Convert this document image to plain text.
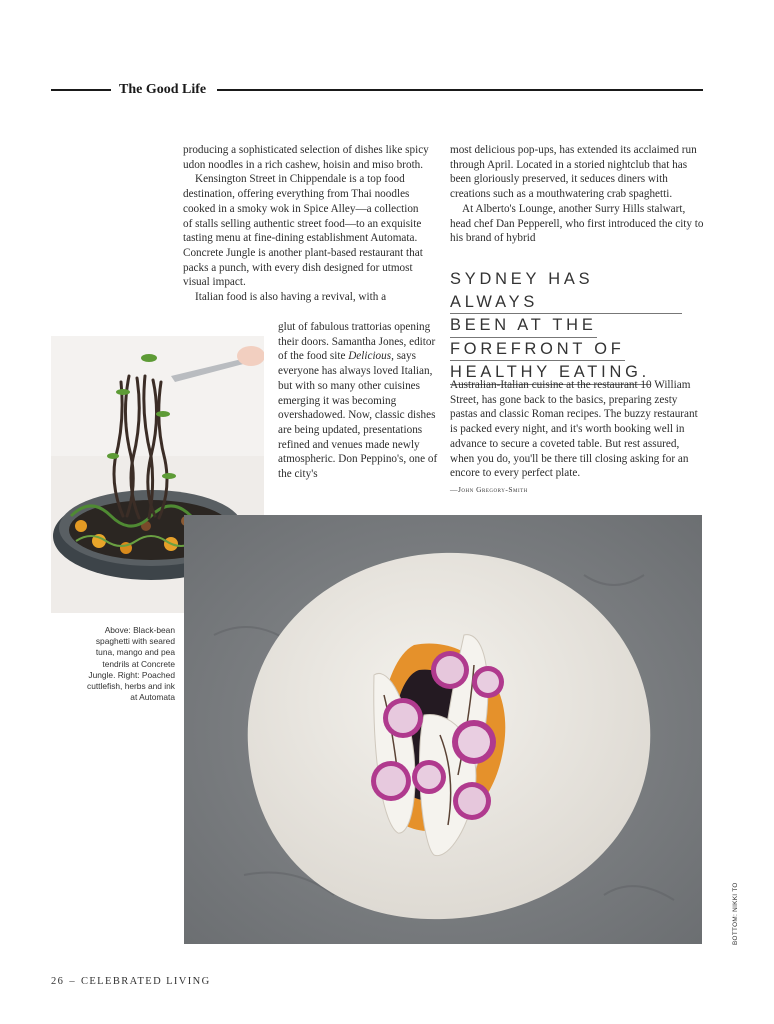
The Good Life

producing a sophisticated selection of dishes like spicy udon noodles in a rich cashew, hoisin and miso broth.

Kensington Street in Chippendale is a top food destination, offering everything from Thai noodles cooked in a smoky wok in Spice Alley—a collection of stalls selling authentic street food—to an exquisite tasting menu at fine-dining establishment Automata. Concrete Jungle is another plant-based restaurant that packs a punch, with every dish designed for utmost visual impact.

Italian food is also having a revival, with a

glut of fabulous trattorias opening their doors. Samantha Jones, editor of the food site Delicious, says everyone has always loved Italian, but with so many other cuisines emerging it was becoming overshadowed. Now, classic dishes are being updated, presentations refined and venues made newly atmospheric. Don Peppino's, one of the city's

most delicious pop-ups, has extended its acclaimed run through April. Located in a storied nightclub that has been gloriously preserved, it seduces diners with creations such as a mouthwatering crab spaghetti.

At Alberto's Lounge, another Surry Hills stalwart, head chef Dan Pepperell, who first introduced the city to his brand of hybrid

SYDNEY HAS ALWAYS
BEEN AT THE
FOREFRONT OF
HEALTHY EATING.

Australian-Italian cuisine at the restaurant 10 William Street, has gone back to the basics, preparing zesty pastas and classic Roman recipes. The buzzy restaurant is packed every night, and it's worth booking well in advance to secure a coveted table. But rest assured, when you do, you'll be there till closing asking for an encore to every perfect plate.

—John Gregory-Smith

Above: Black-bean spaghetti with seared tuna, mango and pea tendrils at Concrete Jungle. Right: Poached cuttlefish, herbs and ink at Automata
BOTTOM: NIKKI TO
26 – CELEBRATED LIVING
